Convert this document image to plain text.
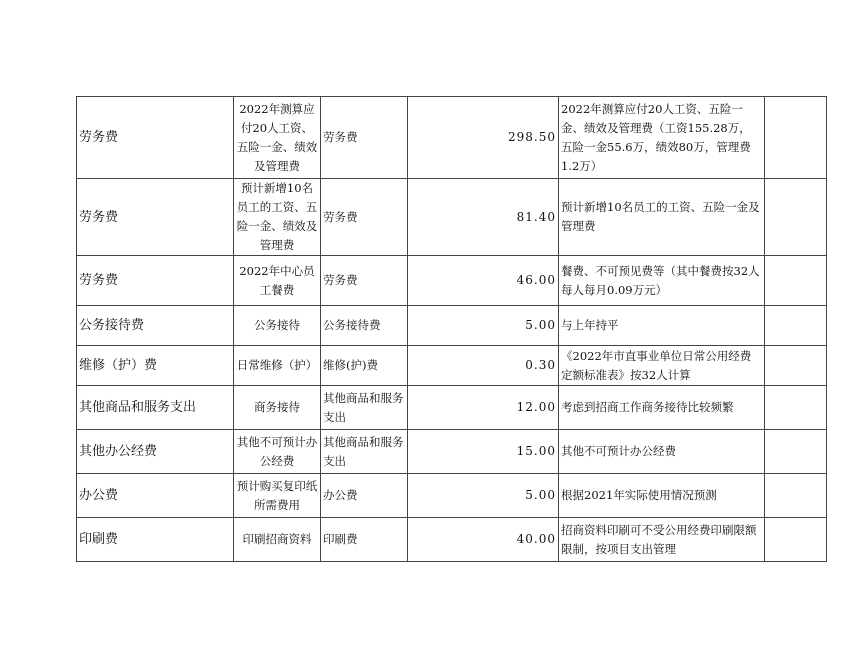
劳务费	2022年测算应付20人工资、五险一金、绩效及管理费	劳务费	298.50	2022年测算应付20人工资、五险一金、绩效及管理费（工资155.28万，五险一金55.6万，绩效80万，管理费1.2万）	
劳务费	预计新增10名员工的工资、五险一金、绩效及管理费	劳务费	81.40	预计新增10名员工的工资、五险一金及管理费	
劳务费	2022年中心员工餐费	劳务费	46.00	餐费、不可预见费等（其中餐费按32人每人每月0.09万元）	
公务接待费	公务接待	公务接待费	5.00	与上年持平	
维修（护）费	日常维修（护）	维修(护)费	0.30	《2022年市直事业单位日常公用经费定额标准表》按32人计算	
其他商品和服务支出	商务接待	其他商品和服务支出	12.00	考虑到招商工作商务接待比较频繁	
其他办公经费	其他不可预计办公经费	其他商品和服务支出	15.00	其他不可预计办公经费	
办公费	预计购买复印纸所需费用	办公费	5.00	根据2021年实际使用情况预测	
印刷费	印刷招商资料	印刷费	40.00	招商资料印刷可不受公用经费印刷限额限制，按项目支出管理	
